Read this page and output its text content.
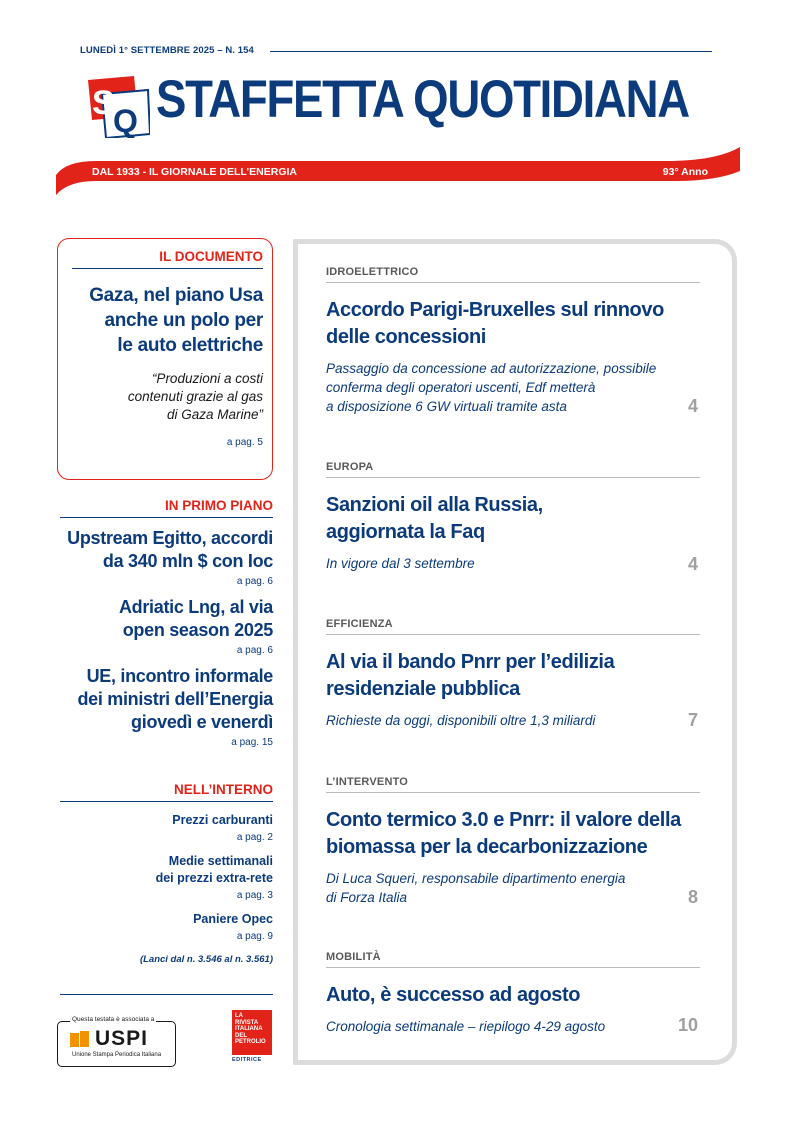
LUNEDÌ 1° SETTEMBRE 2025 – N. 154
S
Q STAFFETTA QUOTIDIANA
DAL 1933 - IL GIORNALE DELL’ENERGIA	93° Anno
IL DOCUMENTO
Gaza, nel piano Usa
anche un polo per
le auto elettriche
“Produzioni a costi
contenuti grazie al gas
di Gaza Marine”
a pag. 5
IN PRIMO PIANO
Upstream Egitto, accordi
da 340 mln $ con Ioc
a pag. 6
Adriatic Lng, al via
open season 2025
a pag. 6
UE, incontro informale
dei ministri dell’Energia
giovedì e venerdì
a pag. 15
NELL’INTERNO
Prezzi carburanti
a pag. 2
Medie settimanali
dei prezzi extra-rete
a pag. 3
Paniere Opec
a pag. 9
(Lanci dal n. 3.546 al n. 3.561)
Questa testata è associata a
USPI
Unione Stampa Periodica Italiana
LA
RIVISTA
ITALIANA
DEL
PETROLIO
EDITRICE
IDROELETTRICO
Accordo Parigi-Bruxelles sul rinnovo
delle concessioni
Passaggio da concessione ad autorizzazione, possibile
conferma degli operatori uscenti, Edf metterà
a disposizione 6 GW virtuali tramite asta	4
EUROPA
Sanzioni oil alla Russia,
aggiornata la Faq
In vigore dal 3 settembre	4
EFFICIENZA
Al via il bando Pnrr per l’edilizia
residenziale pubblica
Richieste da oggi, disponibili oltre 1,3 miliardi	7
L’INTERVENTO
Conto termico 3.0 e Pnrr: il valore della
biomassa per la decarbonizzazione
Di Luca Squeri, responsabile dipartimento energia
di Forza Italia	8
MOBILITÀ
Auto, è successo ad agosto
Cronologia settimanale – riepilogo 4-29 agosto	10
